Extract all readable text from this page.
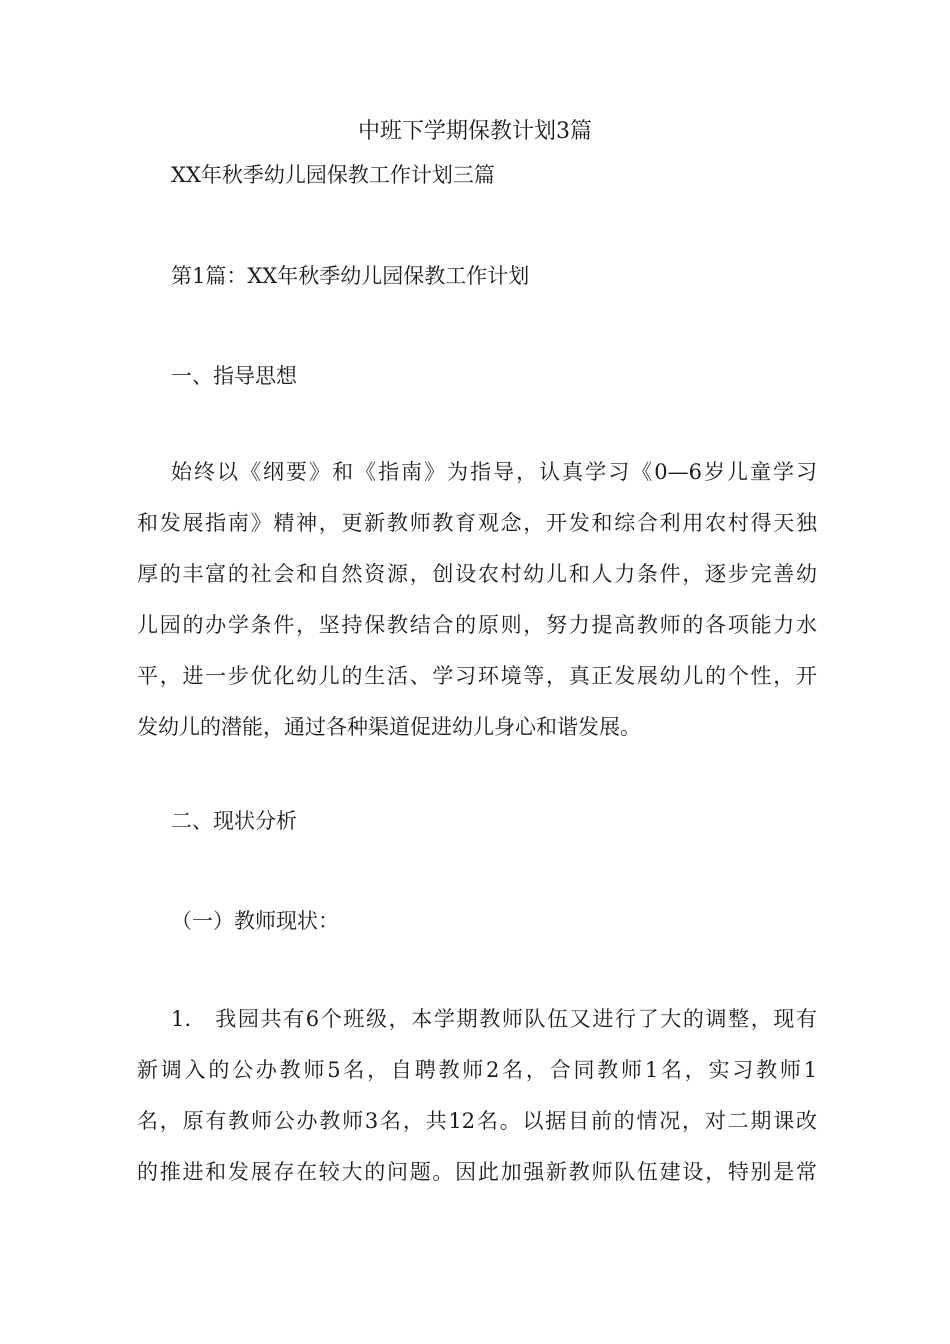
中班下学期保教计划3篇

XX年秋季幼儿园保教工作计划三篇

第1篇：XX年秋季幼儿园保教工作计划

一、指导思想

始终以《纲要》和《指南》为指导，认真学习《0—6岁儿童学习
和发展指南》精神，更新教师教育观念，开发和综合利用农村得天独
厚的丰富的社会和自然资源，创设农村幼儿和人力条件，逐步完善幼
儿园的办学条件，坚持保教结合的原则，努力提高教师的各项能力水
平，进一步优化幼儿的生活、学习环境等，真正发展幼儿的个性，开
发幼儿的潜能，通过各种渠道促进幼儿身心和谐发展。

二、现状分析

（一）教师现状：

1.　我园共有6个班级，本学期教师队伍又进行了大的调整，现有
新调入的公办教师5名，自聘教师2名，合同教师1名，实习教师1
名，原有教师公办教师3名，共12名。以据目前的情况，对二期课改
的推进和发展存在较大的问题。因此加强新教师队伍建设，特别是常
